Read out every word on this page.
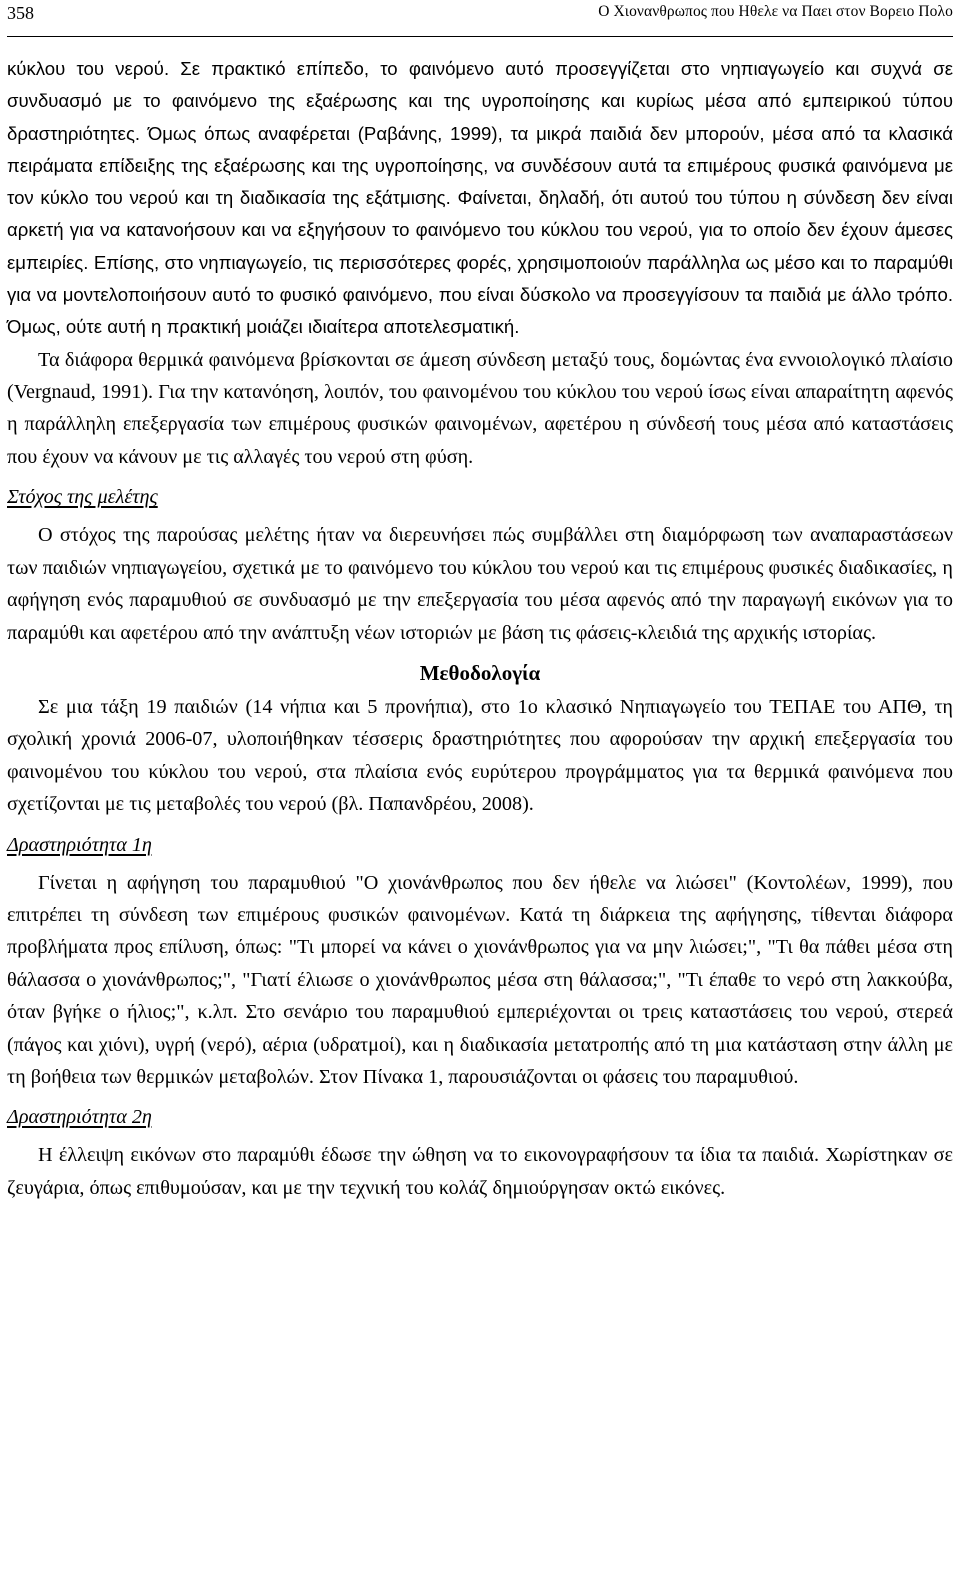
358	Ο Χιονανθρωπος που Ηθελε να Παει στον Βορειο Πολο

κύκλου του νερού. Σε πρακτικό επίπεδο, το φαινόμενο αυτό προσεγγίζεται στο νηπιαγωγείο και συχνά σε συνδυασμό με το φαινόμενο της εξαέρωσης και της υγροποίησης και κυρίως μέσα από εμπειρικού τύπου δραστηριότητες. Όμως όπως αναφέρεται (Ραβάνης, 1999), τα μικρά παιδιά δεν μπορούν, μέσα από τα κλασικά πειράματα επίδειξης της εξαέρωσης και της υγροποίησης, να συνδέσουν αυτά τα επιμέρους φυσικά φαινόμενα με τον κύκλο του νερού και τη διαδικασία της εξάτμισης. Φαίνεται, δηλαδή, ότι αυτού του τύπου η σύνδεση δεν είναι αρκετή για να κατανοήσουν και να εξηγήσουν το φαινόμενο του κύκλου του νερού, για το οποίο δεν έχουν άμεσες εμπειρίες. Επίσης, στο νηπιαγωγείο, τις περισσότερες φορές, χρησιμοποιούν παράλληλα ως μέσο και το παραμύθι για να μοντελοποιήσουν αυτό το φυσικό φαινόμενο, που είναι δύσκολο να προσεγγίσουν τα παιδιά με άλλο τρόπο. Όμως, ούτε αυτή η πρακτική μοιάζει ιδιαίτερα αποτελεσματική.

Τα διάφορα θερμικά φαινόμενα βρίσκονται σε άμεση σύνδεση μεταξύ τους, δομώντας ένα εννοιολογικό πλαίσιο (Vergnaud, 1991). Για την κατανόηση, λοιπόν, του φαινομένου του κύκλου του νερού ίσως είναι απαραίτητη αφενός η παράλληλη επεξεργασία των επιμέρους φυσικών φαινομένων, αφετέρου η σύνδεσή τους μέσα από καταστάσεις που έχουν να κάνουν με τις αλλαγές του νερού στη φύση.

Στόχος της μελέτης

Ο στόχος της παρούσας μελέτης ήταν να διερευνήσει πώς συμβάλλει στη διαμόρφωση των αναπαραστάσεων των παιδιών νηπιαγωγείου, σχετικά με το φαινόμενο του κύκλου του νερού και τις επιμέρους φυσικές διαδικασίες, η αφήγηση ενός παραμυθιού σε συνδυασμό με την επεξεργασία του μέσα αφενός από την παραγωγή εικόνων για το παραμύθι και αφετέρου από την ανάπτυξη νέων ιστοριών με βάση τις φάσεις-κλειδιά της αρχικής ιστορίας.

Μεθοδολογία

Σε μια τάξη 19 παιδιών (14 νήπια και 5 προνήπια), στο 1ο κλασικό Νηπιαγωγείο του ΤΕΠΑΕ του ΑΠΘ, τη σχολική χρονιά 2006-07, υλοποιήθηκαν τέσσερις δραστηριότητες που αφορούσαν την αρχική επεξεργασία του φαινομένου του κύκλου του νερού, στα πλαίσια ενός ευρύτερου προγράμματος για τα θερμικά φαινόμενα που σχετίζονται με τις μεταβολές του νερού (βλ. Παπανδρέου, 2008).

Δραστηριότητα 1η

Γίνεται η αφήγηση του παραμυθιού "Ο χιονάνθρωπος που δεν ήθελε να λιώσει" (Κοντολέων, 1999), που επιτρέπει τη σύνδεση των επιμέρους φυσικών φαινομένων. Κατά τη διάρκεια της αφήγησης, τίθενται διάφορα προβλήματα προς επίλυση, όπως: "Τι μπορεί να κάνει ο χιονάνθρωπος για να μην λιώσει;", "Τι θα πάθει μέσα στη θάλασσα ο χιονάνθρωπος;", "Γιατί έλιωσε ο χιονάνθρωπος μέσα στη θάλασσα;", "Τι έπαθε το νερό στη λακκούβα, όταν βγήκε ο ήλιος;", κ.λπ. Στο σενάριο του παραμυθιού εμπεριέχονται οι τρεις καταστάσεις του νερού, στερεά (πάγος και χιόνι), υγρή (νερό), αέρια (υδρατμοί), και η διαδικασία μετατροπής από τη μια κατάσταση στην άλλη με τη βοήθεια των θερμικών μεταβολών. Στον Πίνακα 1, παρουσιάζονται οι φάσεις του παραμυθιού.

Δραστηριότητα 2η

Η έλλειψη εικόνων στο παραμύθι έδωσε την ώθηση να το εικονογραφήσουν τα ίδια τα παιδιά. Χωρίστηκαν σε ζευγάρια, όπως επιθυμούσαν, και με την τεχνική του κολάζ δημιούργησαν οκτώ εικόνες.
